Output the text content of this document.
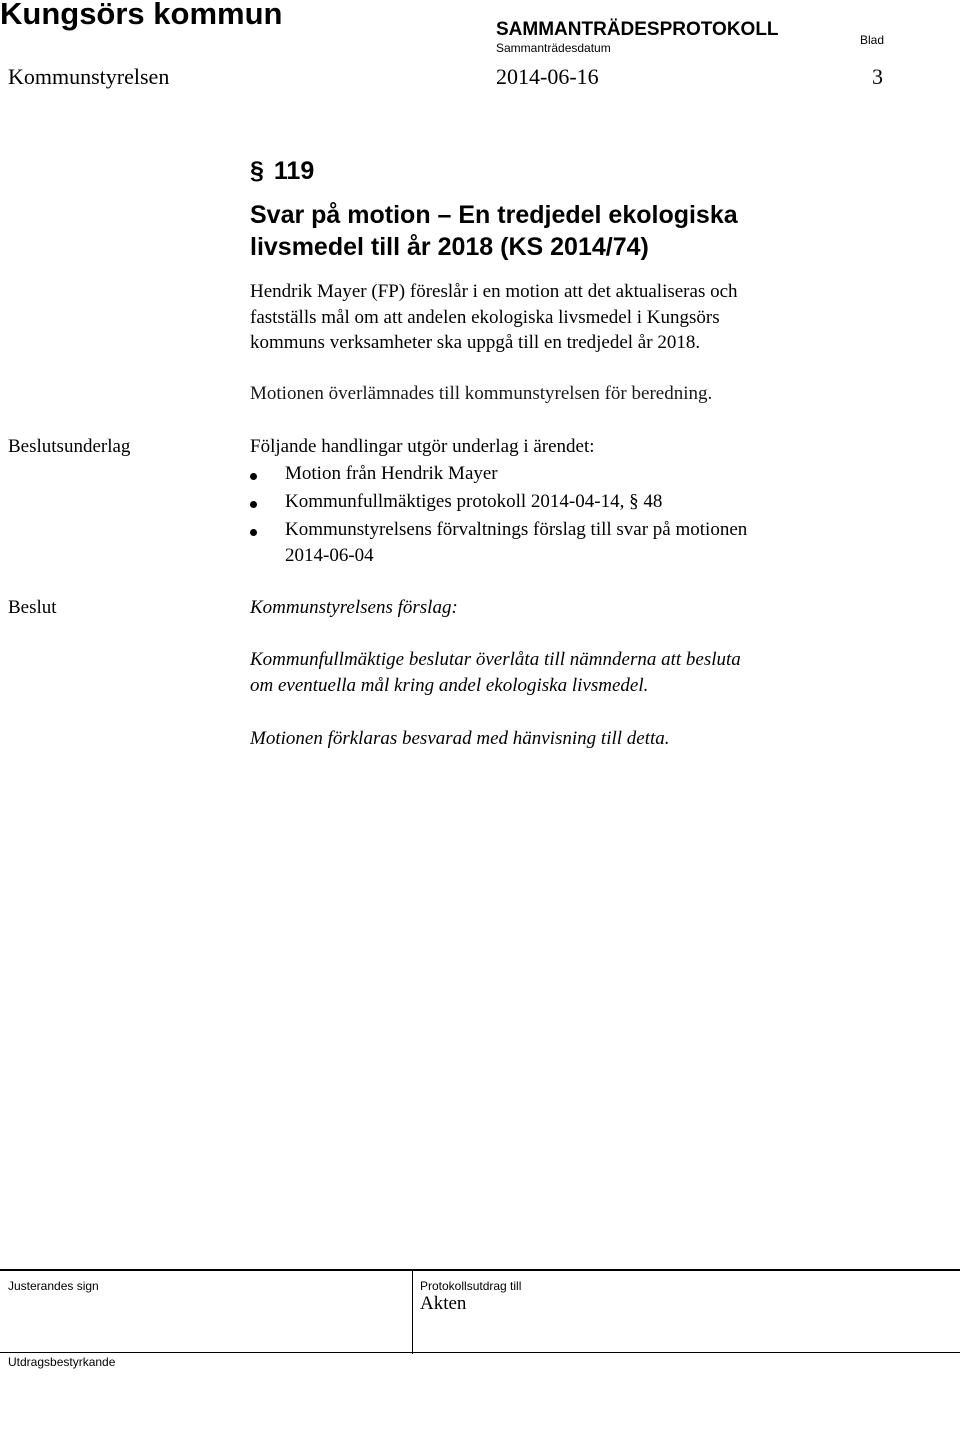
Kungsörs kommun	SAMMANTRÄDESPROTOKOLL
Sammanträdesdatum
Blad
Kommunstyrelsen	2014-06-16	3
§ 119
Svar på motion – En tredjedel ekologiska
livsmedel till år 2018 (KS 2014/74)
Hendrik Mayer (FP) föreslår i en motion att det aktualiseras och
fastställs mål om att andelen ekologiska livsmedel i Kungsörs
kommuns verksamheter ska uppgå till en tredjedel år 2018.
Motionen överlämnades till kommunstyrelsen för beredning.
Beslutsunderlag	Följande handlingar utgör underlag i ärendet:
Motion från Hendrik Mayer
Kommunfullmäktiges protokoll 2014-04-14, § 48
Kommunstyrelsens förvaltnings förslag till svar på motionen
2014-06-04
Beslut	Kommunstyrelsens förslag:
Kommunfullmäktige beslutar överlåta till nämnderna att besluta
om eventuella mål kring andel ekologiska livsmedel.
Motionen förklaras besvarad med hänvisning till detta.
Justerandes sign	Protokollsutdrag till
Akten
Utdragsbestyrkande
